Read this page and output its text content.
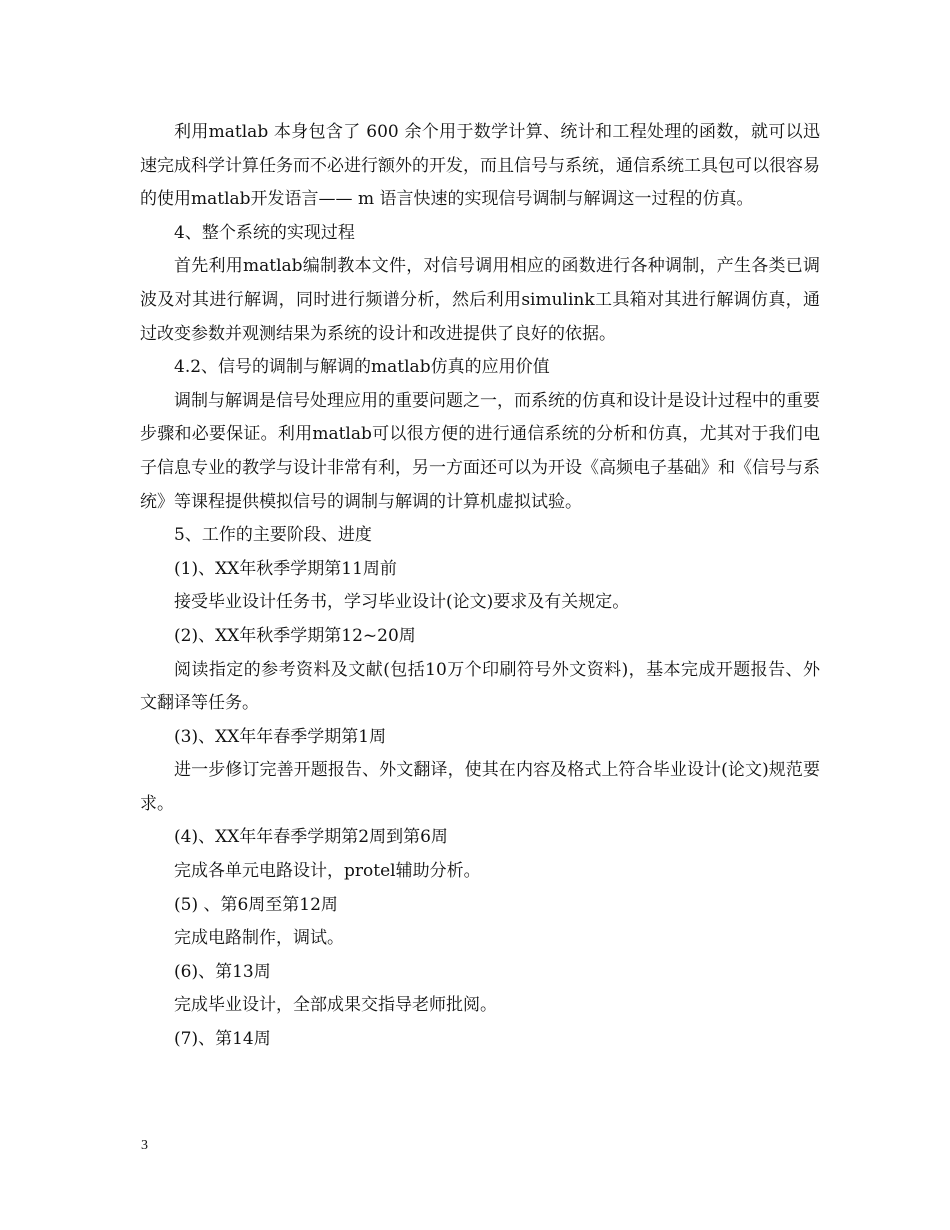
利用matlab 本身包含了 600 余个用于数学计算、统计和工程处理的函数，就可以迅速完成科学计算任务而不必进行额外的开发，而且信号与系统，通信系统工具包可以很容易的使用matlab开发语言—— m 语言快速的实现信号调制与解调这一过程的仿真。

4、整个系统的实现过程

首先利用matlab编制教本文件，对信号调用相应的函数进行各种调制，产生各类已调波及对其进行解调，同时进行频谱分析，然后利用simulink工具箱对其进行解调仿真，通过改变参数并观测结果为系统的设计和改进提供了良好的依据。

4.2、信号的调制与解调的matlab仿真的应用价值

调制与解调是信号处理应用的重要问题之一，而系统的仿真和设计是设计过程中的重要步骤和必要保证。利用matlab可以很方便的进行通信系统的分析和仿真，尤其对于我们电子信息专业的教学与设计非常有利，另一方面还可以为开设《高频电子基础》和《信号与系统》等课程提供模拟信号的调制与解调的计算机虚拟试验。

5、工作的主要阶段、进度

(1)、XX年秋季学期第11周前

接受毕业设计任务书，学习毕业设计(论文)要求及有关规定。

(2)、XX年秋季学期第12~20周

阅读指定的参考资料及文献(包括10万个印刷符号外文资料)，基本完成开题报告、外文翻译等任务。

(3)、XX年年春季学期第1周

进一步修订完善开题报告、外文翻译，使其在内容及格式上符合毕业设计(论文)规范要求。

(4)、XX年年春季学期第2周到第6周

完成各单元电路设计，protel辅助分析。

(5) 、第6周至第12周

完成电路制作，调试。

(6)、第13周

完成毕业设计，全部成果交指导老师批阅。

(7)、第14周

3
